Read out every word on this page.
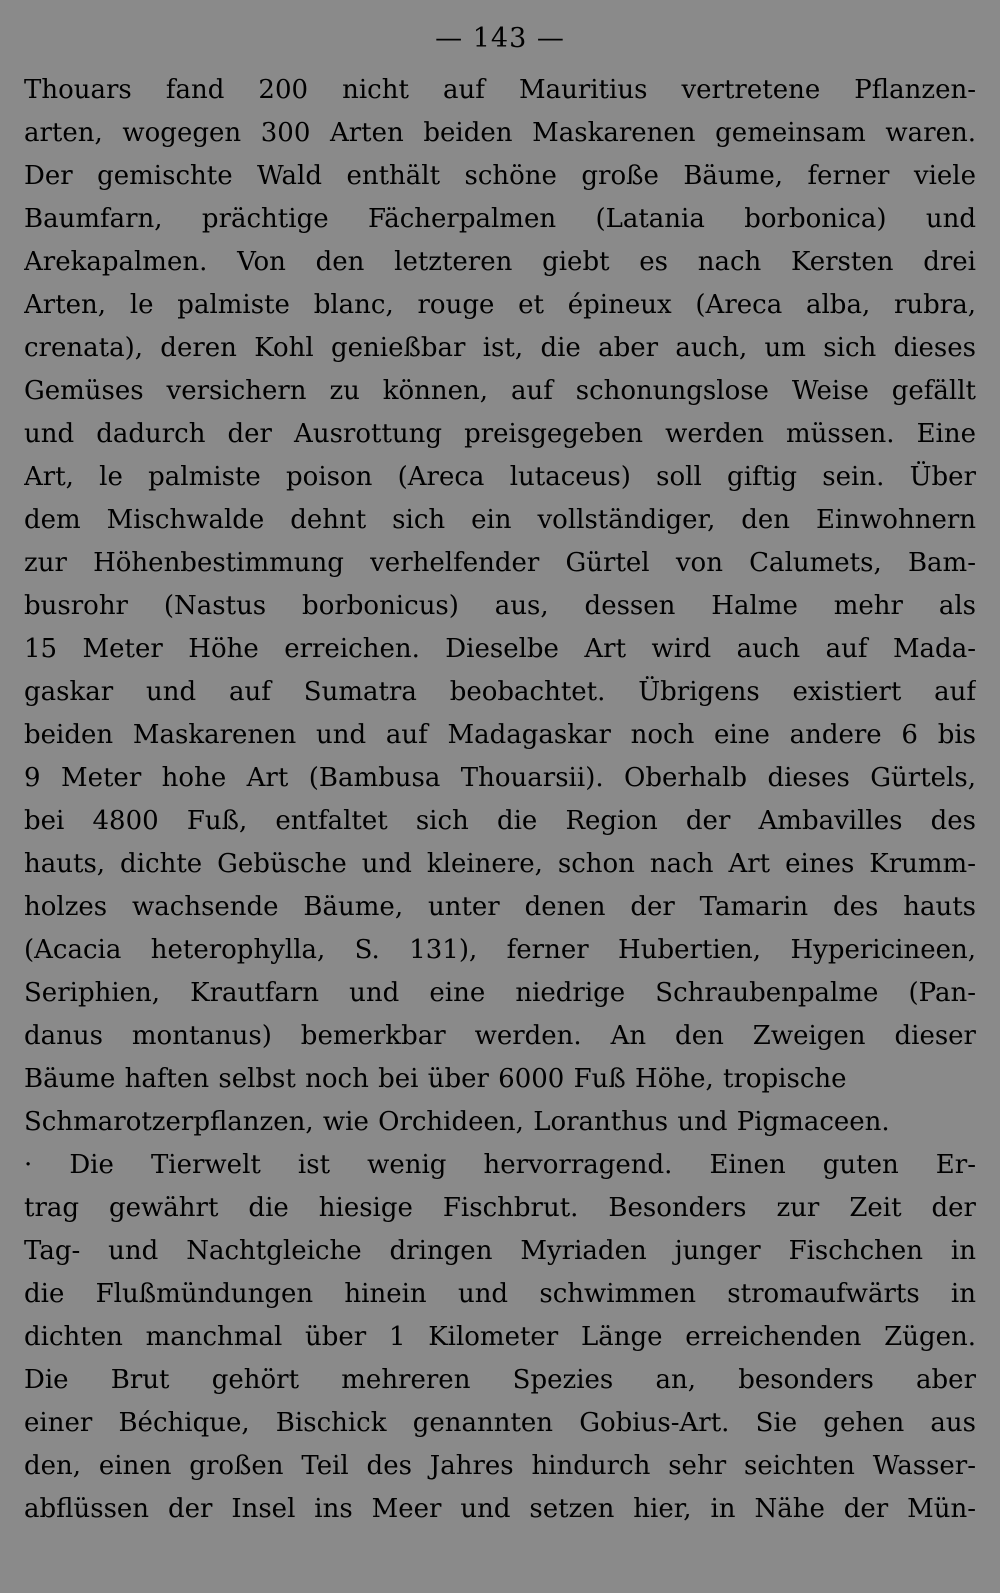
— 143 —
Thouars fand 200 nicht auf Mauritius vertretene Pflanzen-
arten, wogegen 300 Arten beiden Maskarenen gemeinsam waren.
Der gemischte Wald enthält schöne große Bäume, ferner viele
Baumfarn, prächtige Fächerpalmen (Latania borbonica) und
Arekapalmen. Von den letzteren giebt es nach Kersten drei
Arten, le palmiste blanc, rouge et épineux (Areca alba, rubra,
crenata), deren Kohl genießbar ist, die aber auch, um sich dieses
Gemüses versichern zu können, auf schonungslose Weise gefällt
und dadurch der Ausrottung preisgegeben werden müssen. Eine
Art, le palmiste poison (Areca lutaceus) soll giftig sein. Über
dem Mischwalde dehnt sich ein vollständiger, den Einwohnern
zur Höhenbestimmung verhelfender Gürtel von Calumets, Bam-
busrohr (Nastus borbonicus) aus, dessen Halme mehr als
15 Meter Höhe erreichen. Dieselbe Art wird auch auf Mada-
gaskar und auf Sumatra beobachtet. Übrigens existiert auf
beiden Maskarenen und auf Madagaskar noch eine andere 6 bis
9 Meter hohe Art (Bambusa Thouarsii). Oberhalb dieses Gürtels,
bei 4800 Fuß, entfaltet sich die Region der Ambavilles des
hauts, dichte Gebüsche und kleinere, schon nach Art eines Krumm-
holzes wachsende Bäume, unter denen der Tamarin des hauts
(Acacia heterophylla, S. 131), ferner Hubertien, Hypericineen,
Seriphien, Krautfarn und eine niedrige Schraubenpalme (Pan-
danus montanus) bemerkbar werden. An den Zweigen dieser
Bäume haften selbst noch bei über 6000 Fuß Höhe, tropische
Schmarotzerpflanzen, wie Orchideen, Loranthus und Pigmaceen.
· Die Tierwelt ist wenig hervorragend. Einen guten Er-
trag gewährt die hiesige Fischbrut. Besonders zur Zeit der
Tag- und Nachtgleiche dringen Myriaden junger Fischchen in
die Flußmündungen hinein und schwimmen stromaufwärts in
dichten manchmal über 1 Kilometer Länge erreichenden Zügen.
Die Brut gehört mehreren Spezies an, besonders aber
einer Béchique, Bischick genannten Gobius-Art. Sie gehen aus
den, einen großen Teil des Jahres hindurch sehr seichten Wasser-
abflüssen der Insel ins Meer und setzen hier, in Nähe der Mün-
